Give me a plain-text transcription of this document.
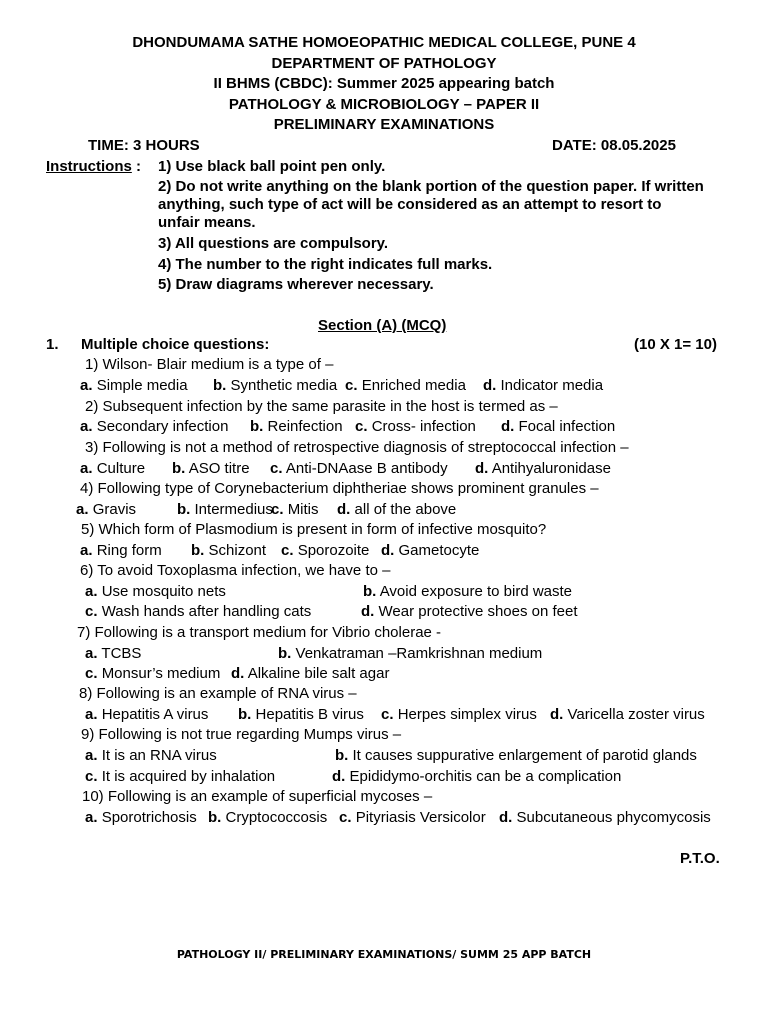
DHONDUMAMA SATHE HOMOEOPATHIC MEDICAL COLLEGE, PUNE 4
DEPARTMENT OF PATHOLOGY
II BHMS (CBDC): Summer 2025 appearing batch
PATHOLOGY & MICROBIOLOGY – PAPER II
PRELIMINARY EXAMINATIONS
TIME: 3 HOURS	DATE: 08.05.2025
Instructions : 1) Use black ball point pen only.
2) Do not write anything on the blank portion of the question paper. If written
anything, such type of act will be considered as an attempt to resort to
unfair means.
3) All questions are compulsory.
4) The number to the right indicates full marks.
5) Draw diagrams wherever necessary.
Section (A) (MCQ)
1. Multiple choice questions:	(10 X 1= 10)
1) Wilson- Blair medium is a type of –
a. Simple media b. Synthetic media c. Enriched media d. Indicator media
2) Subsequent infection by the same parasite in the host is termed as –
a. Secondary infection b. Reinfection c. Cross- infection d. Focal infection
3) Following is not a method of retrospective diagnosis of streptococcal infection –
a. Culture b. ASO titre c. Anti-DNAase B antibody d. Antihyaluronidase
4) Following type of Corynebacterium diphtheriae shows prominent granules –
a. Gravis	b. Intermedius
c. Mitis d. all of the above
5) Which form of Plasmodium is present in form of infective mosquito?
a. Ring form b. Schizont c. Sporozoite d. Gametocyte
6) To avoid Toxoplasma infection, we have to –
a. Use mosquito nets	b. Avoid exposure to bird waste
c. Wash hands after handling cats	d. Wear protective shoes on feet
7) Following is a transport medium for Vibrio cholerae -
a. TCBS	b. Venkatraman –Ramkrishnan medium
c. Monsur’s medium d. Alkaline bile salt agar
8) Following is an example of RNA virus –
a. Hepatitis A virus b. Hepatitis B virus c. Herpes simplex virus d. Varicella zoster virus
9) Following is not true regarding Mumps virus –
a. It is an RNA virus	b. It causes suppurative enlargement of parotid glands
c. It is acquired by inhalation	d. Epididymo-orchitis can be a complication
10) Following is an example of superficial mycoses –
a. Sporotrichosis b. Cryptococcosis c. Pityriasis Versicolor d. Subcutaneous phycomycosis
P.T.O.
PATHOLOGY II/ PRELIMINARY EXAMINATIONS/ SUMM 25 APP BATCH
